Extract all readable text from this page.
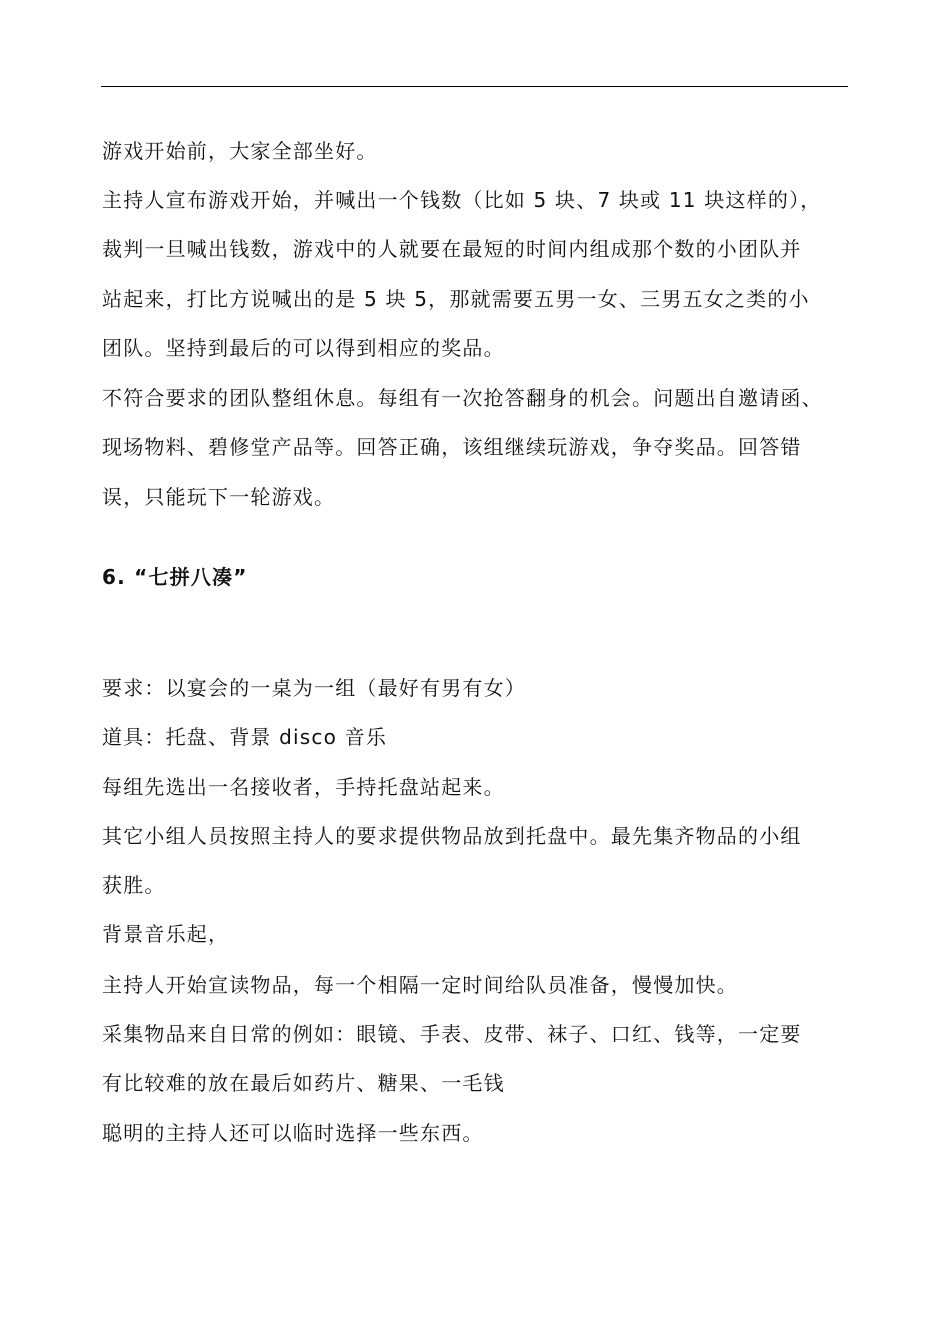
游戏开始前，大家全部坐好。
主持人宣布游戏开始，并喊出一个钱数（比如 5 块、7 块或 11 块这样的），
裁判一旦喊出钱数，游戏中的人就要在最短的时间内组成那个数的小团队并
站起来，打比方说喊出的是 5 块 5，那就需要五男一女、三男五女之类的小
团队。坚持到最后的可以得到相应的奖品。
不符合要求的团队整组休息。每组有一次抢答翻身的机会。问题出自邀请函、
现场物料、碧修堂产品等。回答正确，该组继续玩游戏，争夺奖品。回答错
误，只能玩下一轮游戏。
6. “七拼八凑”
要求：以宴会的一桌为一组（最好有男有女）
道具：托盘、背景 disco 音乐
每组先选出一名接收者，手持托盘站起来。
其它小组人员按照主持人的要求提供物品放到托盘中。最先集齐物品的小组
获胜。
背景音乐起，
主持人开始宣读物品，每一个相隔一定时间给队员准备，慢慢加快。
采集物品来自日常的例如：眼镜、手表、皮带、袜子、口红、钱等，一定要
有比较难的放在最后如药片、糖果、一毛钱
聪明的主持人还可以临时选择一些东西。
